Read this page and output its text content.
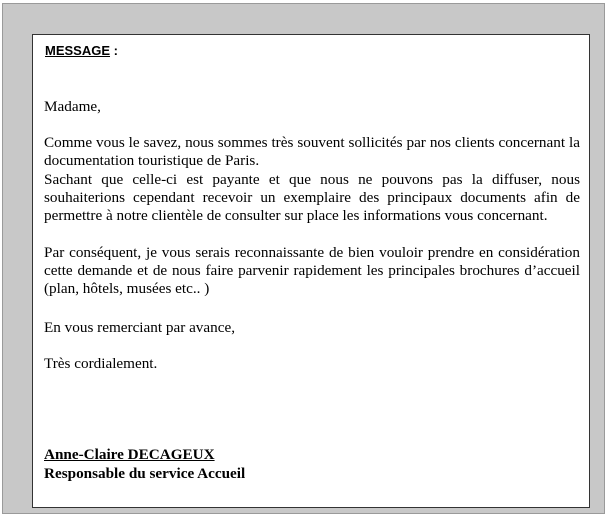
MESSAGE :

Madame,

Comme vous le savez, nous sommes très souvent sollicités par nos clients concernant la documentation touristique de Paris.

Sachant que celle-ci est payante et que nous ne pouvons pas la diffuser, nous souhaiterions cependant recevoir un exemplaire des principaux documents afin de permettre à notre clientèle de consulter sur place les informations vous concernant.

Par conséquent, je vous serais reconnaissante de bien vouloir prendre en considération cette demande et de nous faire parvenir rapidement les principales brochures d’accueil (plan, hôtels, musées etc.. )

En vous remerciant par avance,

Très cordialement.

Anne-Claire DECAGEUX

Responsable du service Accueil
